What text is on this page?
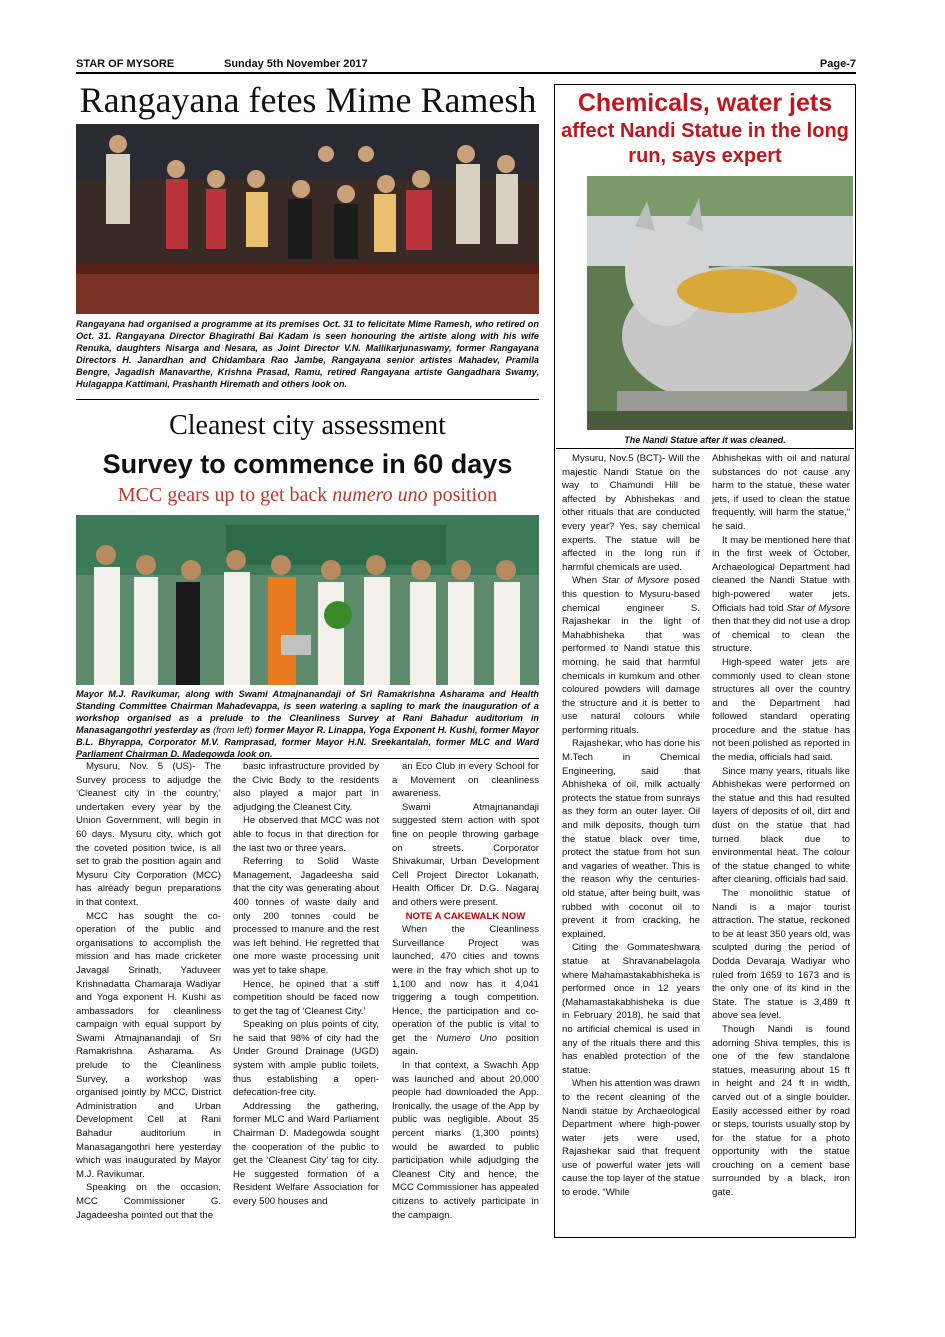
STAR OF MYSORE	Sunday 5th November 2017	Page-7
Rangayana fetes Mime Ramesh
Rangayana had organised a programme at its premises Oct. 31 to felicitate Mime Ramesh, who retired on Oct. 31. Rangayana Director Bhagirathi Bai Kadam is seen honouring the artiste along with his wife Renuka, daughters Nisarga and Nesara, as Joint Director V.N. Mallikarjunaswamy, former Rangayana Directors H. Janardhan and Chidambara Rao Jambe, Rangayana senior artistes Mahadev, Pramila Bengre, Jagadish Manavarthe, Krishna Prasad, Ramu, retired Rangayana artiste Gangadhara Swamy, Hulagappa Kattimani, Prashanth Hiremath and others look on.
Cleanest city assessment
Survey to commence in 60 days
MCC gears up to get back numero uno position
Mayor M.J. Ravikumar, along with Swami Atmajnanandaji of Sri Ramakrishna Asharama and Health Standing Committee Chairman Mahadevappa, is seen watering a sapling to mark the inauguration of a workshop organised as a prelude to the Cleanliness Survey at Rani Bahadur auditorium in Manasagangothri yesterday as (from left) former Mayor R. Linappa, Yoga Exponent H. Kushi, former Mayor B.L. Bhyrappa, Corporator M.V. Ramprasad, former Mayor H.N. Sreekantalah, former MLC and Ward Parliament Chairman D. Madegowda look on.

Mysuru, Nov. 5 (US)- The Survey process to adjudge the ‘Cleanest city in the country,’ undertaken every year by the Union Government, will begin in 60 days. Mysuru city, which got the coveted position twice, is all set to grab the position again and Mysuru City Corporation (MCC) has already begun preparations in that context.

MCC has sought the co-operation of the public and organisations to accomplish the mission and has made cricketer Javagal Srinath, Yaduveer Krishnadatta Chamaraja Wadiyar and Yoga exponent H. Kushi as ambassadors for cleanliness campaign with equal support by Swami Atmajnanandaji of Sri Ramakrishna Asharama. As prelude to the Cleanliness Survey, a workshop was organised jointly by MCC, District Administration and Urban Development Cell at Rani Bahadur auditorium in Manasagangothri here yesterday which was inaugurated by Mayor M.J. Ravikumar.

Speaking on the occasion, MCC Commissioner G. Jagadeesha pointed out that the

basic infrastructure provided by the Civic Body to the residents also played a major part in adjudging the Cleanest City.

He observed that MCC was not able to focus in that direction for the last two or three years.

Referring to Solid Waste Management, Jagadeesha said that the city was generating about 400 tonnes of waste daily and only 200 tonnes could be processed to manure and the rest was left behind. He regretted that one more waste processing unit was yet to take shape.

Hence, he opined that a stiff competition should be faced now to get the tag of ‘Cleanest City.’

Speaking on plus points of city, he said that 98% of city had the Under Ground Drainage (UGD) system with ample public toilets, thus establishing a open-defecation-free city.

Addressing the gathering, former MLC and Ward Parliament Chairman D. Madegowda sought the cooperation of the public to get the ‘Cleanest City’ tag for city. He suggested formation of a Resident Welfare Association for every 500 houses and

an Eco Club in every School for a Movement on cleanliness awareness.

Swami Atmajnanandaji suggested stern action with spot fine on people throwing garbage on streets. Corporator Shivakumar, Urban Development Cell Project Director Lokanath, Health Officer Dr. D.G. Nagaraj and others were present.

NOTE A CAKEWALK NOW

When the Cleanliness Surveillance Project was launched, 470 cities and towns were in the fray which shot up to 1,100 and now has it 4,041 triggering a tough competition. Hence, the participation and co-operation of the public is vital to get the Numero Uno position again.

In that context, a Swachh App was launched and about 20,000 people had downloaded the App. Ironically, the usage of the App by public was negligible. About 35 percent marks (1,300 points) would be awarded to public participation while adjudging the Cleanest City and hence, the MCC Commissioner has appealed citizens to actively participate in the campaign.

Chemicals, water jets
affect Nandi Statue in the long run, says expert
The Nandi Statue after it was cleaned.

Mysuru, Nov.5 (BCT)- Will the majestic Nandi Statue on the way to Chamundi Hill be affected by Abhishekas and other rituals that are conducted every year? Yes, say chemical experts. The statue will be affected in the long run if harmful chemicals are used.

When Star of Mysore posed this question to Mysuru-based chemical engineer S. Rajashekar in the light of Mahabhisheka that was performed to Nandi statue this morning, he said that harmful chemicals in kumkum and other coloured powders will damage the structure and it is better to use natural colours while performing rituals.

Rajashekar, who has done his M.Tech in Chemical Engineering, said that Abhisheka of oil, milk actually protects the statue from sunrays as they form an outer layer. Oil and milk deposits, though turn the statue black over time, protect the statue from hot sun and vagaries of weather. This is the reason why the centuries-old statue, after being built, was rubbed with coconut oil to prevent it from cracking, he explained.

Citing the Gommateshwara statue at Shravanabelagola where Mahamastakabhisheka is performed once in 12 years (Mahamastakabhisheka is due in February 2018), he said that no artificial chemical is used in any of the rituals there and this has enabled protection of the statue.

When his attention was drawn to the recent cleaning of the Nandi statue by Archaeological Department where high-power water jets were used, Rajashekar said that frequent use of powerful water jets will cause the top layer of the statue to erode. “While

Abhishekas with oil and natural substances do not cause any harm to the statue, these water jets, if used to clean the statue frequently, will harm the statue,” he said.

It may be mentioned here that in the first week of October, Archaeological Department had cleaned the Nandi Statue with high-powered water jets. Officials had told Star of Mysore then that they did not use a drop of chemical to clean the structure.

High-speed water jets are commonly used to clean stone structures all over the country and the Department had followed standard operating procedure and the statue has not been polished as reported in the media, officials had said.

Since many years, rituals like Abhishekas were performed on the statue and this had resulted layers of deposits of oil, dirt and dust on the statue that had turned black due to environmental heat. The colour of the statue changed to white after cleaning, officials had said.

The monolithic statue of Nandi is a major tourist attraction. The statue, reckoned to be at least 350 years old, was sculpted during the period of Dodda Devaraja Wadiyar who ruled from 1659 to 1673 and is the only one of its kind in the State. The statue is 3,489 ft above sea level.

Though Nandi is found adorning Shiva temples, this is one of the few standalone statues, measuring about 15 ft in height and 24 ft in width, carved out of a single boulder. Easily accessed either by road or steps, tourists usually stop by for the statue for a photo opportunity with the statue crouching on a cement base surrounded by a black, iron gate.
